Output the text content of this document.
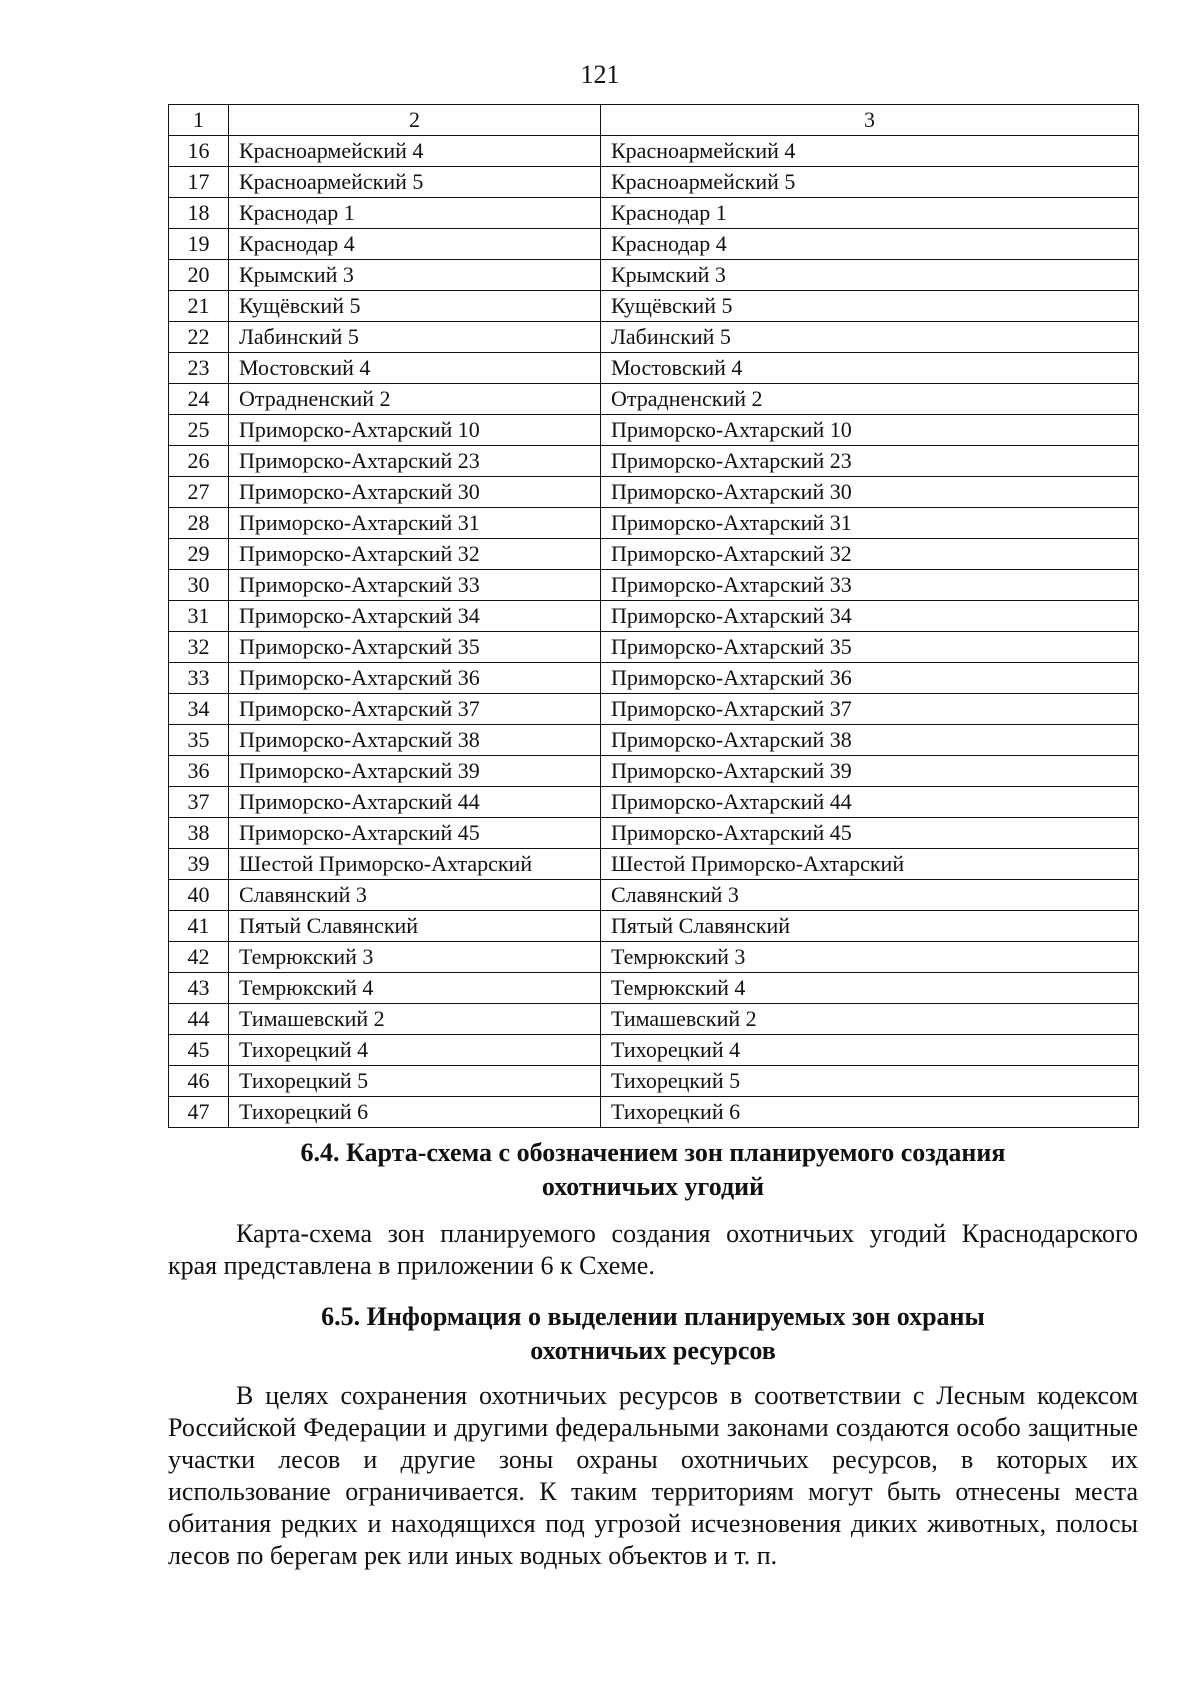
121
1	2	3
16	Красноармейский 4	Красноармейский 4
17	Красноармейский 5	Красноармейский 5
18	Краснодар 1	Краснодар 1
19	Краснодар 4	Краснодар 4
20	Крымский 3	Крымский 3
21	Кущёвский 5	Кущёвский 5
22	Лабинский 5	Лабинский 5
23	Мостовский 4	Мостовский 4
24	Отрадненский 2	Отрадненский 2
25	Приморско-Ахтарский 10	Приморско-Ахтарский 10
26	Приморско-Ахтарский 23	Приморско-Ахтарский 23
27	Приморско-Ахтарский 30	Приморско-Ахтарский 30
28	Приморско-Ахтарский 31	Приморско-Ахтарский 31
29	Приморско-Ахтарский 32	Приморско-Ахтарский 32
30	Приморско-Ахтарский 33	Приморско-Ахтарский 33
31	Приморско-Ахтарский 34	Приморско-Ахтарский 34
32	Приморско-Ахтарский 35	Приморско-Ахтарский 35
33	Приморско-Ахтарский 36	Приморско-Ахтарский 36
34	Приморско-Ахтарский 37	Приморско-Ахтарский 37
35	Приморско-Ахтарский 38	Приморско-Ахтарский 38
36	Приморско-Ахтарский 39	Приморско-Ахтарский 39
37	Приморско-Ахтарский 44	Приморско-Ахтарский 44
38	Приморско-Ахтарский 45	Приморско-Ахтарский 45
39	Шестой Приморско-Ахтарский	Шестой Приморско-Ахтарский
40	Славянский 3	Славянский 3
41	Пятый Славянский	Пятый Славянский
42	Темрюкский 3	Темрюкский 3
43	Темрюкский 4	Темрюкский 4
44	Тимашевский 2	Тимашевский 2
45	Тихорецкий 4	Тихорецкий 4
46	Тихорецкий 5	Тихорецкий 5
47	Тихорецкий 6	Тихорецкий 6

6.4. Карта-схема с обозначением зон планируемого создания
охотничьих угодий

Карта-схема зон планируемого создания охотничьих угодий Краснодарского края представлена в приложении 6 к Схеме.

6.5. Информация о выделении планируемых зон охраны
охотничьих ресурсов

В целях сохранения охотничьих ресурсов в соответствии с Лесным кодексом Российской Федерации и другими федеральными законами создаются особо защитные участки лесов и другие зоны охраны охотничьих ресурсов, в которых их использование ограничивается. К таким территориям могут быть отнесены места обитания редких и находящихся под угрозой исчезновения диких животных, полосы лесов по берегам рек или иных водных объектов и т. п.
